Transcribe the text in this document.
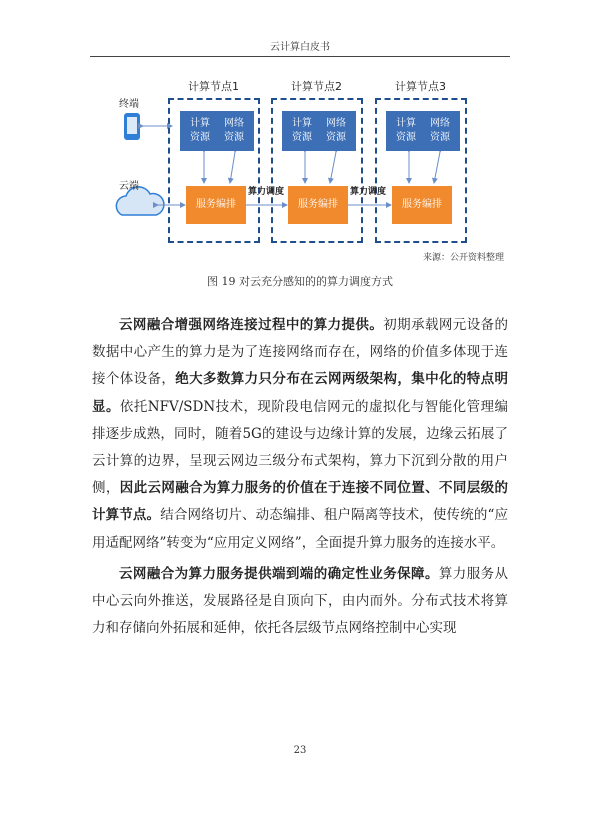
云计算白皮书
终端
云端
计算节点1
计算
资源
网络
资源
服务编排
计算节点2
计算
资源
网络
资源
服务编排
计算节点3
计算
资源
网络
资源
服务编排
算力调度	算力调度
来源：公开资料整理
图 19 对云充分感知的的算力调度方式

云网融合增强网络连接过程中的算力提供。初期承载网元设备的数据中心产生的算力是为了连接网络而存在，网络的价值多体现于连接个体设备，绝大多数算力只分布在云网两级架构，集中化的特点明显。依托NFV/SDN技术，现阶段电信网元的虚拟化与智能化管理编排逐步成熟，同时，随着5G的建设与边缘计算的发展，边缘云拓展了云计算的边界，呈现云网边三级分布式架构，算力下沉到分散的用户侧，因此云网融合为算力服务的价值在于连接不同位置、不同层级的计算节点。结合网络切片、动态编排、租户隔离等技术，使传统的“应用适配网络”转变为“应用定义网络”，全面提升算力服务的连接水平。

云网融合为算力服务提供端到端的确定性业务保障。算力服务从中心云向外推送，发展路径是自顶向下，由内而外。分布式技术将算力和存储向外拓展和延伸，依托各层级节点网络控制中心实现

23
